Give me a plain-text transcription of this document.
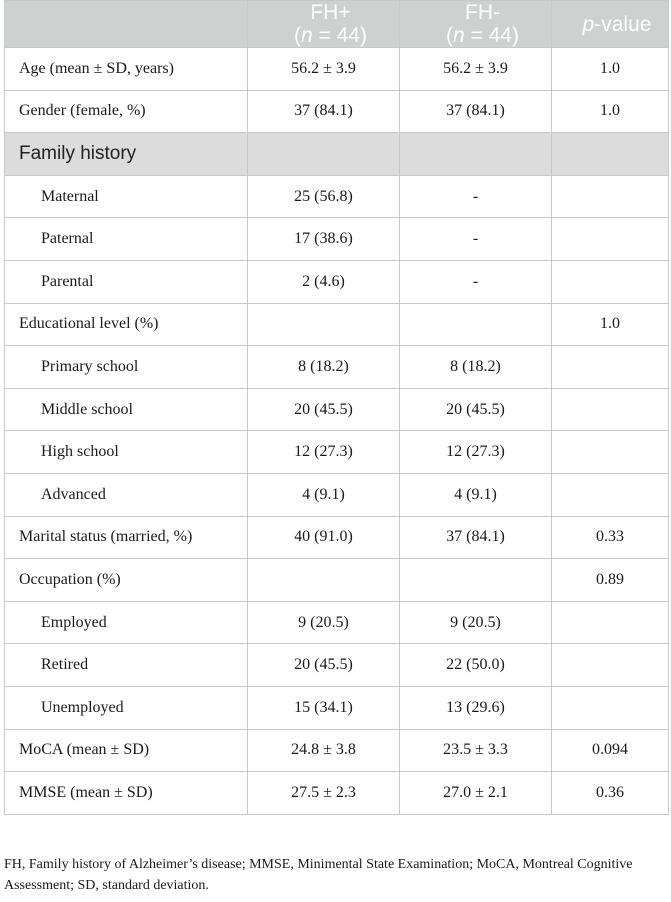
	FH+
(n = 44)	FH-
(n = 44)	p-value
Age (mean ± SD, years)	56.2 ± 3.9	56.2 ± 3.9	1.0
Gender (female, %)	37 (84.1)	37 (84.1)	1.0
Family history			
Maternal	25 (56.8)	-	
Paternal	17 (38.6)	-	
Parental	2 (4.6)	-	
Educational level (%)			1.0
Primary school	8 (18.2)	8 (18.2)	
Middle school	20 (45.5)	20 (45.5)	
High school	12 (27.3)	12 (27.3)	
Advanced	4 (9.1)	4 (9.1)	
Marital status (married, %)	40 (91.0)	37 (84.1)	0.33
Occupation (%)			0.89
Employed	9 (20.5)	9 (20.5)	
Retired	20 (45.5)	22 (50.0)	
Unemployed	15 (34.1)	13 (29.6)	
MoCA (mean ± SD)	24.8 ± 3.8	23.5 ± 3.3	0.094
MMSE (mean ± SD)	27.5 ± 2.3	27.0 ± 2.1	0.36
FH, Family history of Alzheimer’s disease; MMSE, Minimental State Examination; MoCA, Montreal Cognitive Assessment; SD, standard deviation.
